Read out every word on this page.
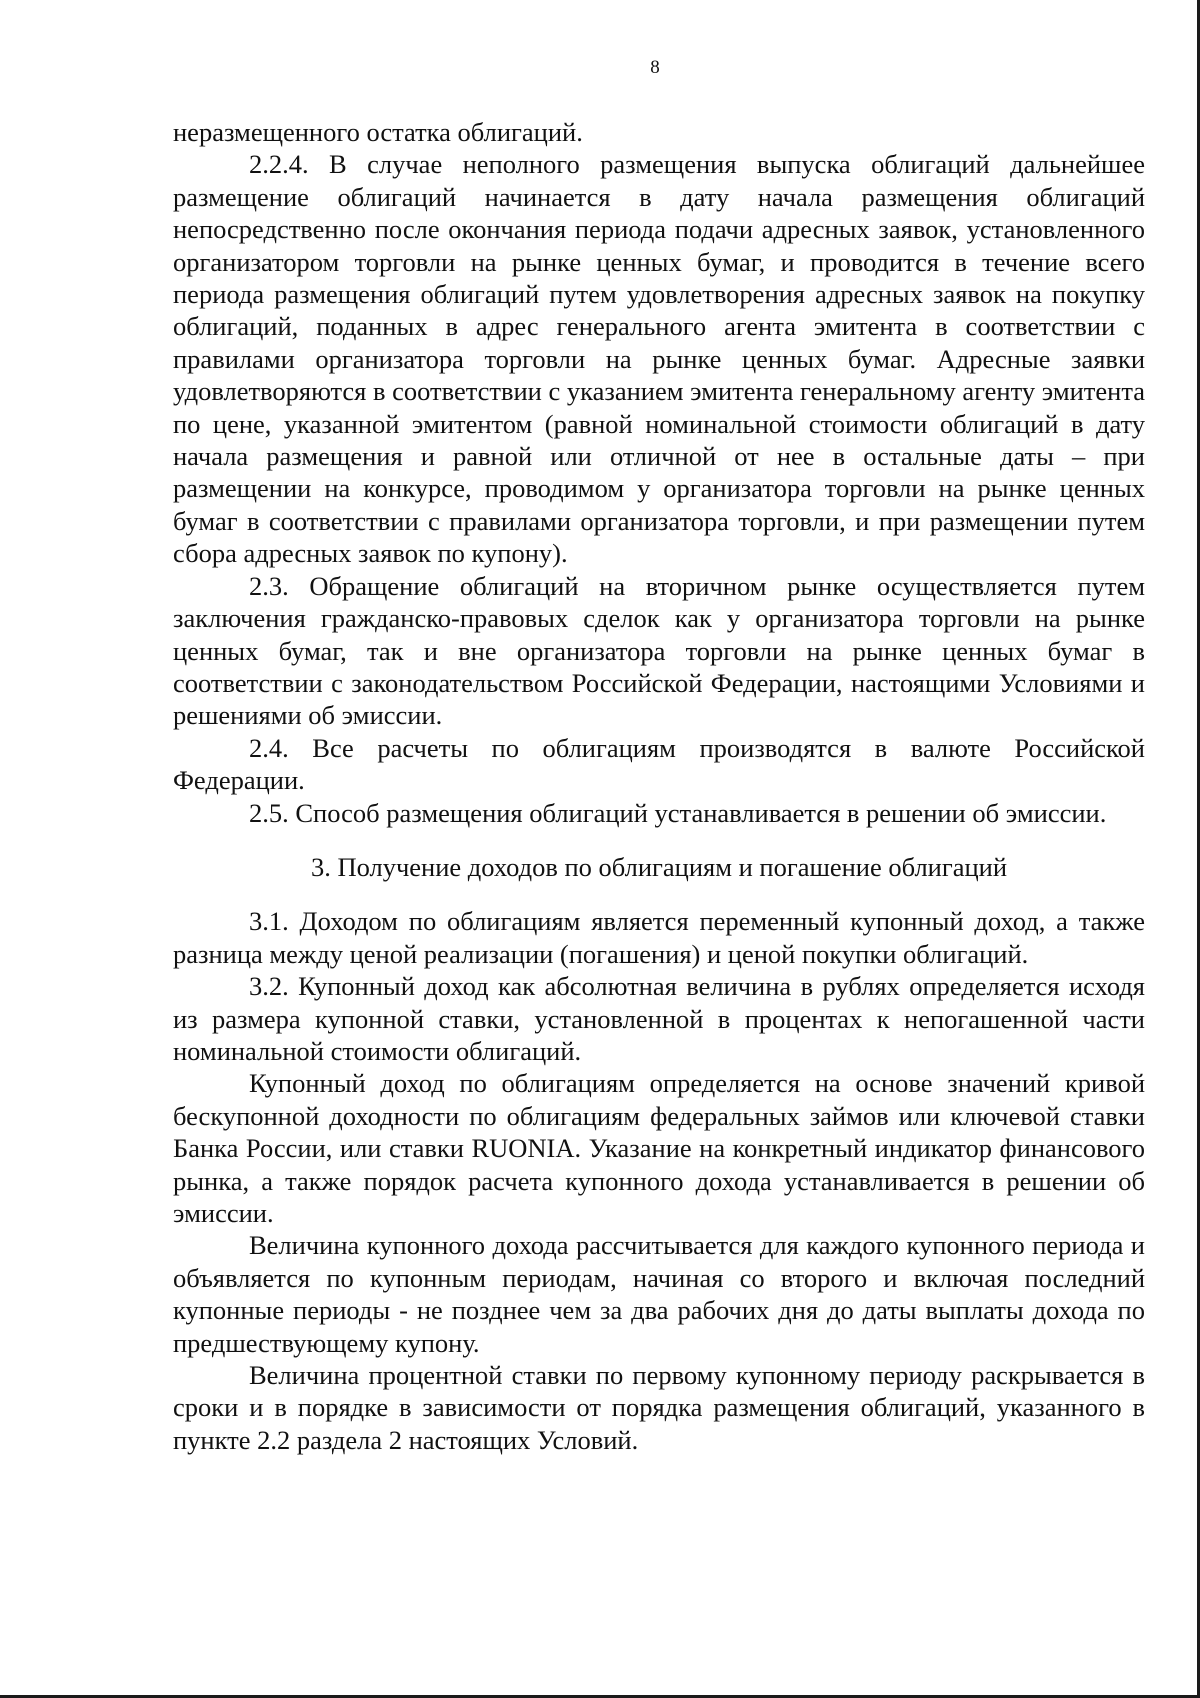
8

неразмещенного остатка облигаций.

2.2.4. В случае неполного размещения выпуска облигаций дальнейшее размещение облигаций начинается в дату начала размещения облигаций непосредственно после окончания периода подачи адресных заявок, установленного организатором торговли на рынке ценных бумаг, и проводится в течение всего периода размещения облигаций путем удовлетворения адресных заявок на покупку облигаций, поданных в адрес генерального агента эмитента в соответствии с правилами организатора торговли на рынке ценных бумаг. Адресные заявки удовлетворяются в соответствии с указанием эмитента генеральному агенту эмитента по цене, указанной эмитентом (равной номинальной стоимости облигаций в дату начала размещения и равной или отличной от нее в остальные даты – при размещении на конкурсе, проводимом у организатора торговли на рынке ценных бумаг в соответствии с правилами организатора торговли, и при размещении путем сбора адресных заявок по купону).

2.3. Обращение облигаций на вторичном рынке осуществляется путем заключения гражданско-правовых сделок как у организатора торговли на рынке ценных бумаг, так и вне организатора торговли на рынке ценных бумаг в соответствии с законодательством Российской Федерации, настоящими Условиями и решениями об эмиссии.

2.4. Все расчеты по облигациям производятся в валюте Российской Федерации.

2.5. Способ размещения облигаций устанавливается в решении об эмиссии.

3. Получение доходов по облигациям и погашение облигаций

3.1. Доходом по облигациям является переменный купонный доход, а также разница между ценой реализации (погашения) и ценой покупки облигаций.

3.2. Купонный доход как абсолютная величина в рублях определяется исходя из размера купонной ставки, установленной в процентах к непогашенной части номинальной стоимости облигаций.

Купонный доход по облигациям определяется на основе значений кривой бескупонной доходности по облигациям федеральных займов или ключевой ставки Банка России, или ставки RUONIA. Указание на конкретный индикатор финансового рынка, а также порядок расчета купонного дохода устанавливается в решении об эмиссии.

Величина купонного дохода рассчитывается для каждого купонного периода и объявляется по купонным периодам, начиная со второго и включая последний купонные периоды - не позднее чем за два рабочих дня до даты выплаты дохода по предшествующему купону.

Величина процентной ставки по первому купонному периоду раскрывается в сроки и в порядке в зависимости от порядка размещения облигаций, указанного в пункте 2.2 раздела 2 настоящих Условий.
